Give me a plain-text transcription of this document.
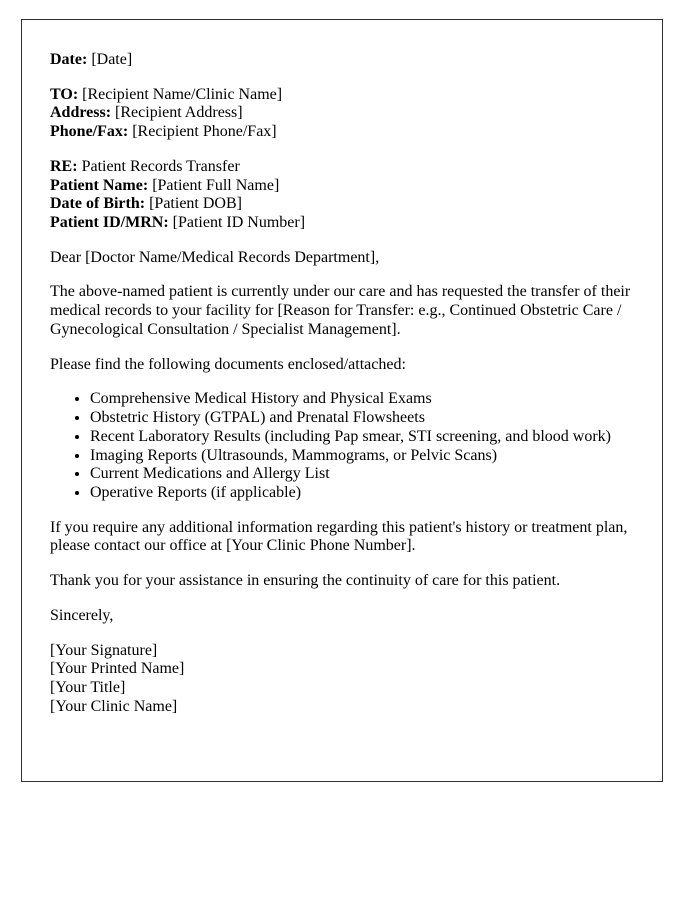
Date: [Date]

TO: [Recipient Name/Clinic Name]
Address: [Recipient Address]
Phone/Fax: [Recipient Phone/Fax]
RE: Patient Records Transfer
Patient Name: [Patient Full Name]
Date of Birth: [Patient DOB]
Patient ID/MRN: [Patient ID Number]

Dear [Doctor Name/Medical Records Department],

The above-named patient is currently under our care and has requested the transfer of their medical records to your facility for [Reason for Transfer: e.g., Continued Obstetric Care / Gynecological Consultation / Specialist Management].

Please find the following documents enclosed/attached:

• Comprehensive Medical History and Physical Exams
• Obstetric History (GTPAL) and Prenatal Flowsheets
• Recent Laboratory Results (including Pap smear, STI screening, and blood work)
• Imaging Reports (Ultrasounds, Mammograms, or Pelvic Scans)
• Current Medications and Allergy List
• Operative Reports (if applicable)

If you require any additional information regarding this patient's history or treatment plan, please contact our office at [Your Clinic Phone Number].

Thank you for your assistance in ensuring the continuity of care for this patient.

Sincerely,

[Your Signature]
[Your Printed Name]
[Your Title]
[Your Clinic Name]
